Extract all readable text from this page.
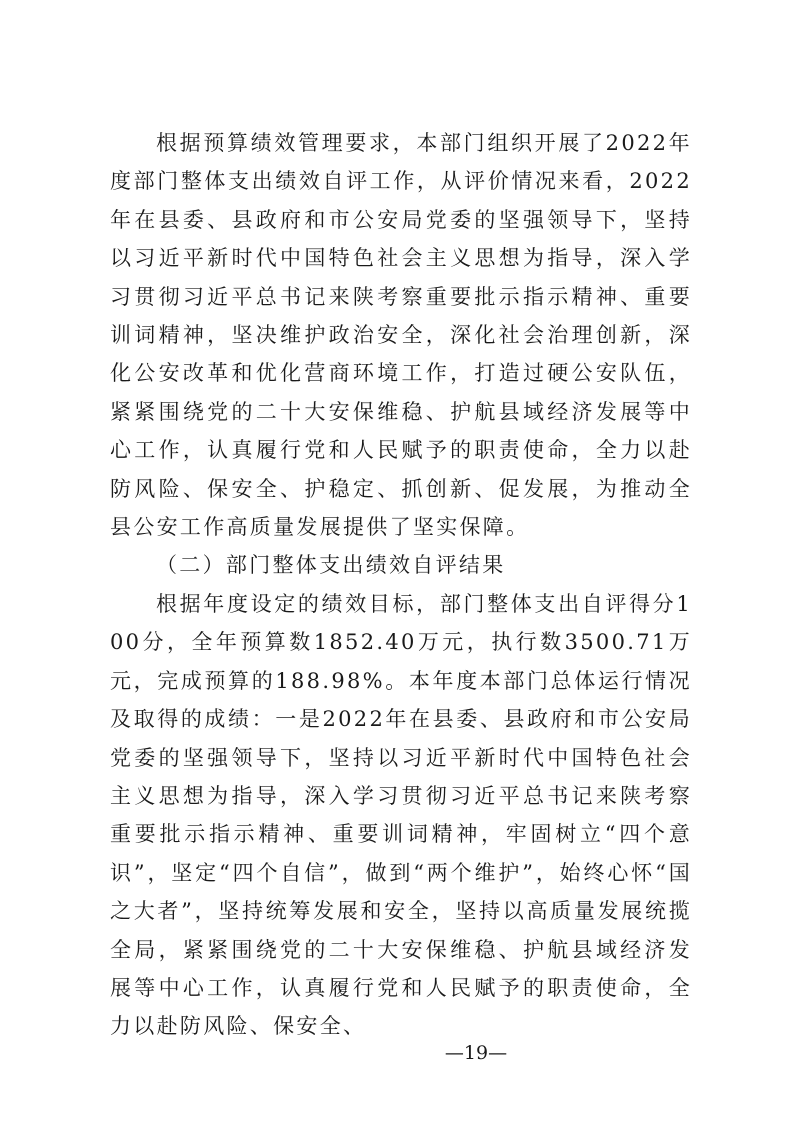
根据预算绩效管理要求，本部门组织开展了2022年度部门整体支出绩效自评工作，从评价情况来看，2022年在县委、县政府和市公安局党委的坚强领导下，坚持以习近平新时代中国特色社会主义思想为指导，深入学习贯彻习近平总书记来陕考察重要批示指示精神、重要训词精神，坚决维护政治安全，深化社会治理创新，深化公安改革和优化营商环境工作，打造过硬公安队伍，紧紧围绕党的二十大安保维稳、护航县域经济发展等中心工作，认真履行党和人民赋予的职责使命，全力以赴防风险、保安全、护稳定、抓创新、促发展，为推动全县公安工作高质量发展提供了坚实保障。

（二）部门整体支出绩效自评结果

根据年度设定的绩效目标，部门整体支出自评得分100分，全年预算数1852.40万元，执行数3500.71万元，完成预算的188.98%。本年度本部门总体运行情况及取得的成绩：一是2022年在县委、县政府和市公安局党委的坚强领导下，坚持以习近平新时代中国特色社会主义思想为指导，深入学习贯彻习近平总书记来陕考察重要批示指示精神、重要训词精神，牢固树立“四个意识”，坚定“四个自信”，做到“两个维护”，始终心怀“国之大者”，坚持统筹发展和安全，坚持以高质量发展统揽全局，紧紧围绕党的二十大安保维稳、护航县域经济发展等中心工作，认真履行党和人民赋予的职责使命，全力以赴防风险、保安全、

—19—
